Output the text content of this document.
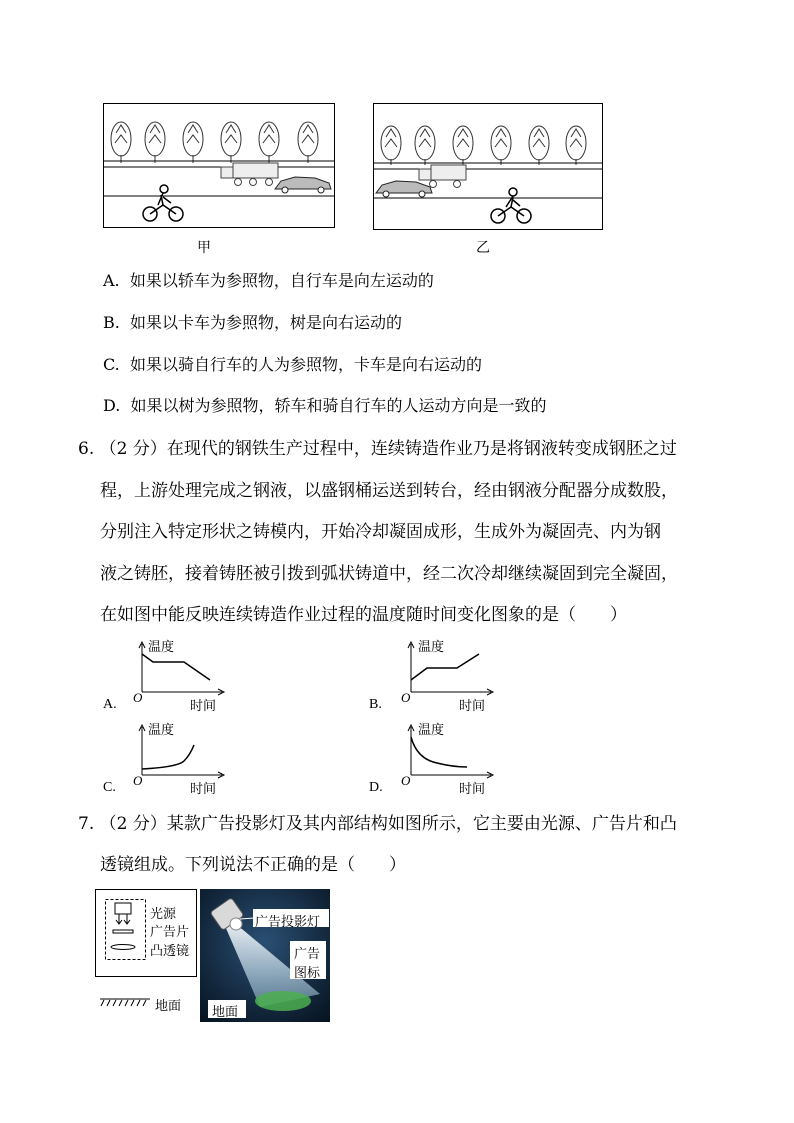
甲	乙
A. 如果以轿车为参照物，自行车是向左运动的
B. 如果以卡车为参照物，树是向右运动的
C. 如果以骑自行车的人为参照物，卡车是向右运动的
D. 如果以树为参照物，轿车和骑自行车的人运动方向是一致的
6. （2 分）在现代的钢铁生产过程中，连续铸造作业乃是将钢液转变成钢胚之过
程，上游处理完成之钢液，以盛钢桶运送到转台，经由钢液分配器分成数股，
分别注入特定形状之铸模内，开始冷却凝固成形，生成外为凝固壳、内为钢
液之铸胚，接着铸胚被引拨到弧状铸道中，经二次冷却继续凝固到完全凝固，
在如图中能反映连续铸造作业过程的温度随时间变化图象的是（　　）
A.
温度
O
时间	B.
温度
O
时间
C.
温度
O
时间	D.
温度
O
时间
7. （2 分）某款广告投影灯及其内部结构如图所示，它主要由光源、广告片和凸
透镜组成。下列说法不正确的是（　　）
光源
广告片
凸透镜
地面
广告投影灯
广告
图标
地面
